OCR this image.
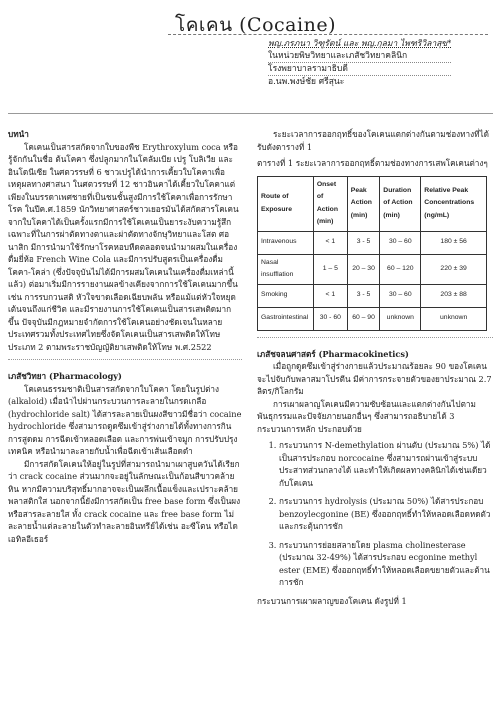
โคเคน (Cocaine)
พญ.ภรภนา วิฑูรัตน์ และ พญ.กุลมา ไพฑริวิลาสุข*
ในหน่วยพิษวิทยาและเภสัชวิทยาคลินิก
โรงพยาบาลรามาธิบดี
อ.นพ.พงษ์ชัย ศรีสุนะ

บทนำ

โคเคนเป็นสารสกัดจากใบของพืช Erythroxylum coca หรือรู้จักกันในชื่อ ต้นโคคา ซึ่งปลูกมากในโคลัมเบีย เปรู โบลิเวีย และอินโดนีเซีย ในศตวรรษที่ 6 ชาวเปรูได้นำการเคี้ยวใบโคคาเพื่อเหตุผลทางศาสนา ในศตวรรษที่ 12 ชาวอินคาได้เคี้ยวใบโคคาแต่เพียงในบรรดาเพศชายที่เป็นชนชั้นสูงมีการใช้โคคาเพื่อการรักษาโรค ในปีค.ศ.1859 นักวิทยาศาสตร์ชาวเยอรมันได้สกัดสารโคเคนจากใบโคคาได้เป็นครั้งแรกมีการใช้โคเคนเป็นยาระงับความรู้สึกเฉพาะที่ในการผ่าตัดทางตาและผ่าตัดทางจักษุวิทยาและโสต ศอ นาสิก มีการนำมาใช้รักษาโรคหอบหืดตลอดจนนำมาผสมในเครื่องดื่มยี่ห้อ French Wine Cola และมีการปรับสูตรเป็นเครื่องดื่ม โคคา-โคล่า (ซึ่งปัจจุบันไม่ได้มีการผสมโคเคนในเครื่องดื่มเหล่านี้แล้ว) ต่อมาเริ่มมีการรายงานผลข้างเคียงจากการใช้โคเคนมากขึ้น เช่น การรบกวนสติ หัวใจขาดเลือดเฉียบพลัน หรือแม้แต่หัวใจหยุดเต้นจนถึงแก่ชีวิต และมีรายงานการใช้โคเคนเป็นสารเสพติดมากขึ้น ปัจจุบันมีกฎหมายจำกัดการใช้โคเคนอย่างชัดเจนในหลายประเทศรวมทั้งประเทศไทยซึ่งจัดโคเคนเป็นสารเสพติดให้โทษประเภท 2 ตามพระราชบัญญัติยาเสพติดให้โทษ พ.ศ.2522

เภสัชวิทยา (Pharmacology)

โคเคนธรรมชาติเป็นสารสกัดจากใบโคคา โดยในรูปต่าง (alkaloid) เมื่อนำไปผ่านกระบวนการละลายในกรดเกลือ (hydrochloride salt) ได้สารละลายเป็นผงสีขาวมีชื่อว่า cocaine hydrochloride ซึ่งสามารถดูดซึมเข้าสู่ร่างกายได้ทั้งทางการกิน การสูดดม การฉีดเข้าหลอดเลือด และการพ่นเข้าจมูก การปรับปรุงเทคนิค หรือนำมาละลายกับน้ำเพื่อฉีดเข้าเส้นเลือดดำ

มีการสกัดโคเคนให้อยู่ในรูปที่สามารถนำมาเผาสูบควันได้เรียกว่า crack cocaine ส่วนมากจะอยู่ในลักษณะเป็นก้อนสีขาวคล้ายหิน หากมีความบริสุทธิ์มากอาจจะเป็นผลึกเนื้อแข็งและเปราะคล้ายพลาสติกใส นอกจากนี้ยังมีการสกัดเป็น free base form ซึ่งเป็นผงหรือสารละลายใส ทั้ง crack cocaine และ free base form ไม่ละลายน้ำแต่ละลายในตัวทำละลายอินทรีย์ได้เช่น อะซีโตน หรือไดเอทิลอีเธอร์

ระยะเวลาการออกฤทธิ์ของโคเคนแตกต่างกันตามช่องทางที่ได้รับดังตารางที่ 1

ตารางที่ 1 ระยะเวลาการออกฤทธิ์ตามช่องทางการเสพโคเคนต่างๆ

Route of Exposure	Onset of Action (min)	Peak Action (min)	Duration of Action (min)	Relative Peak Concentrations (ng/mL)
Intravenous	< 1	3 - 5	30 – 60	180 ± 56
Nasal insufflation	1 – 5	20 – 30	60 – 120	220 ± 39
Smoking	< 1	3 - 5	30 – 60	203 ± 88
Gastrointestinal	30 - 60	60 – 90	unknown	unknown

เภสัชจลนศาสตร์ (Pharmacokinetics)

เมื่อถูกดูดซึมเข้าสู่ร่างกายแล้วประมาณร้อยละ 90 ของโคเคนจะไปจับกับพลาสมาโปรตีน มีค่าการกระจายตัวของยาประมาณ 2.7 ลิตร/กิโลกรัม

การเผาผลาญโคเคนมีความซับซ้อนและแตกต่างกันไปตามพันธุกรรมและปัจจัยภายนอกอื่นๆ ซึ่งสามารถอธิบายได้ 3 กระบวนการหลัก ประกอบด้วย

1. กระบวนการ N-demethylation ผ่านตับ (ประมาณ 5%) ได้เป็นสารประกอบ norcocaine ซึ่งสามารถผ่านเข้าสู่ระบบประสาทส่วนกลางได้ และทำให้เกิดผลทางคลินิกได้เช่นเดียวกับโคเคน
2. กระบวนการ hydrolysis (ประมาณ 50%) ได้สารประกอบ benzoylecgonine (BE) ซึ่งออกฤทธิ์ทำให้หลอดเลือดหดตัว และกระตุ้นการชัก
3. กระบวนการย่อยสลายโดย plasma cholinesterase (ประมาณ 32-49%) ได้สารประกอบ ecgonine methyl ester (EME) ซึ่งออกฤทธิ์ทำให้หลอดเลือดขยายตัวและต้านการชัก

กระบวนการเผาผลาญของโคเคน ดังรูปที่ 1
